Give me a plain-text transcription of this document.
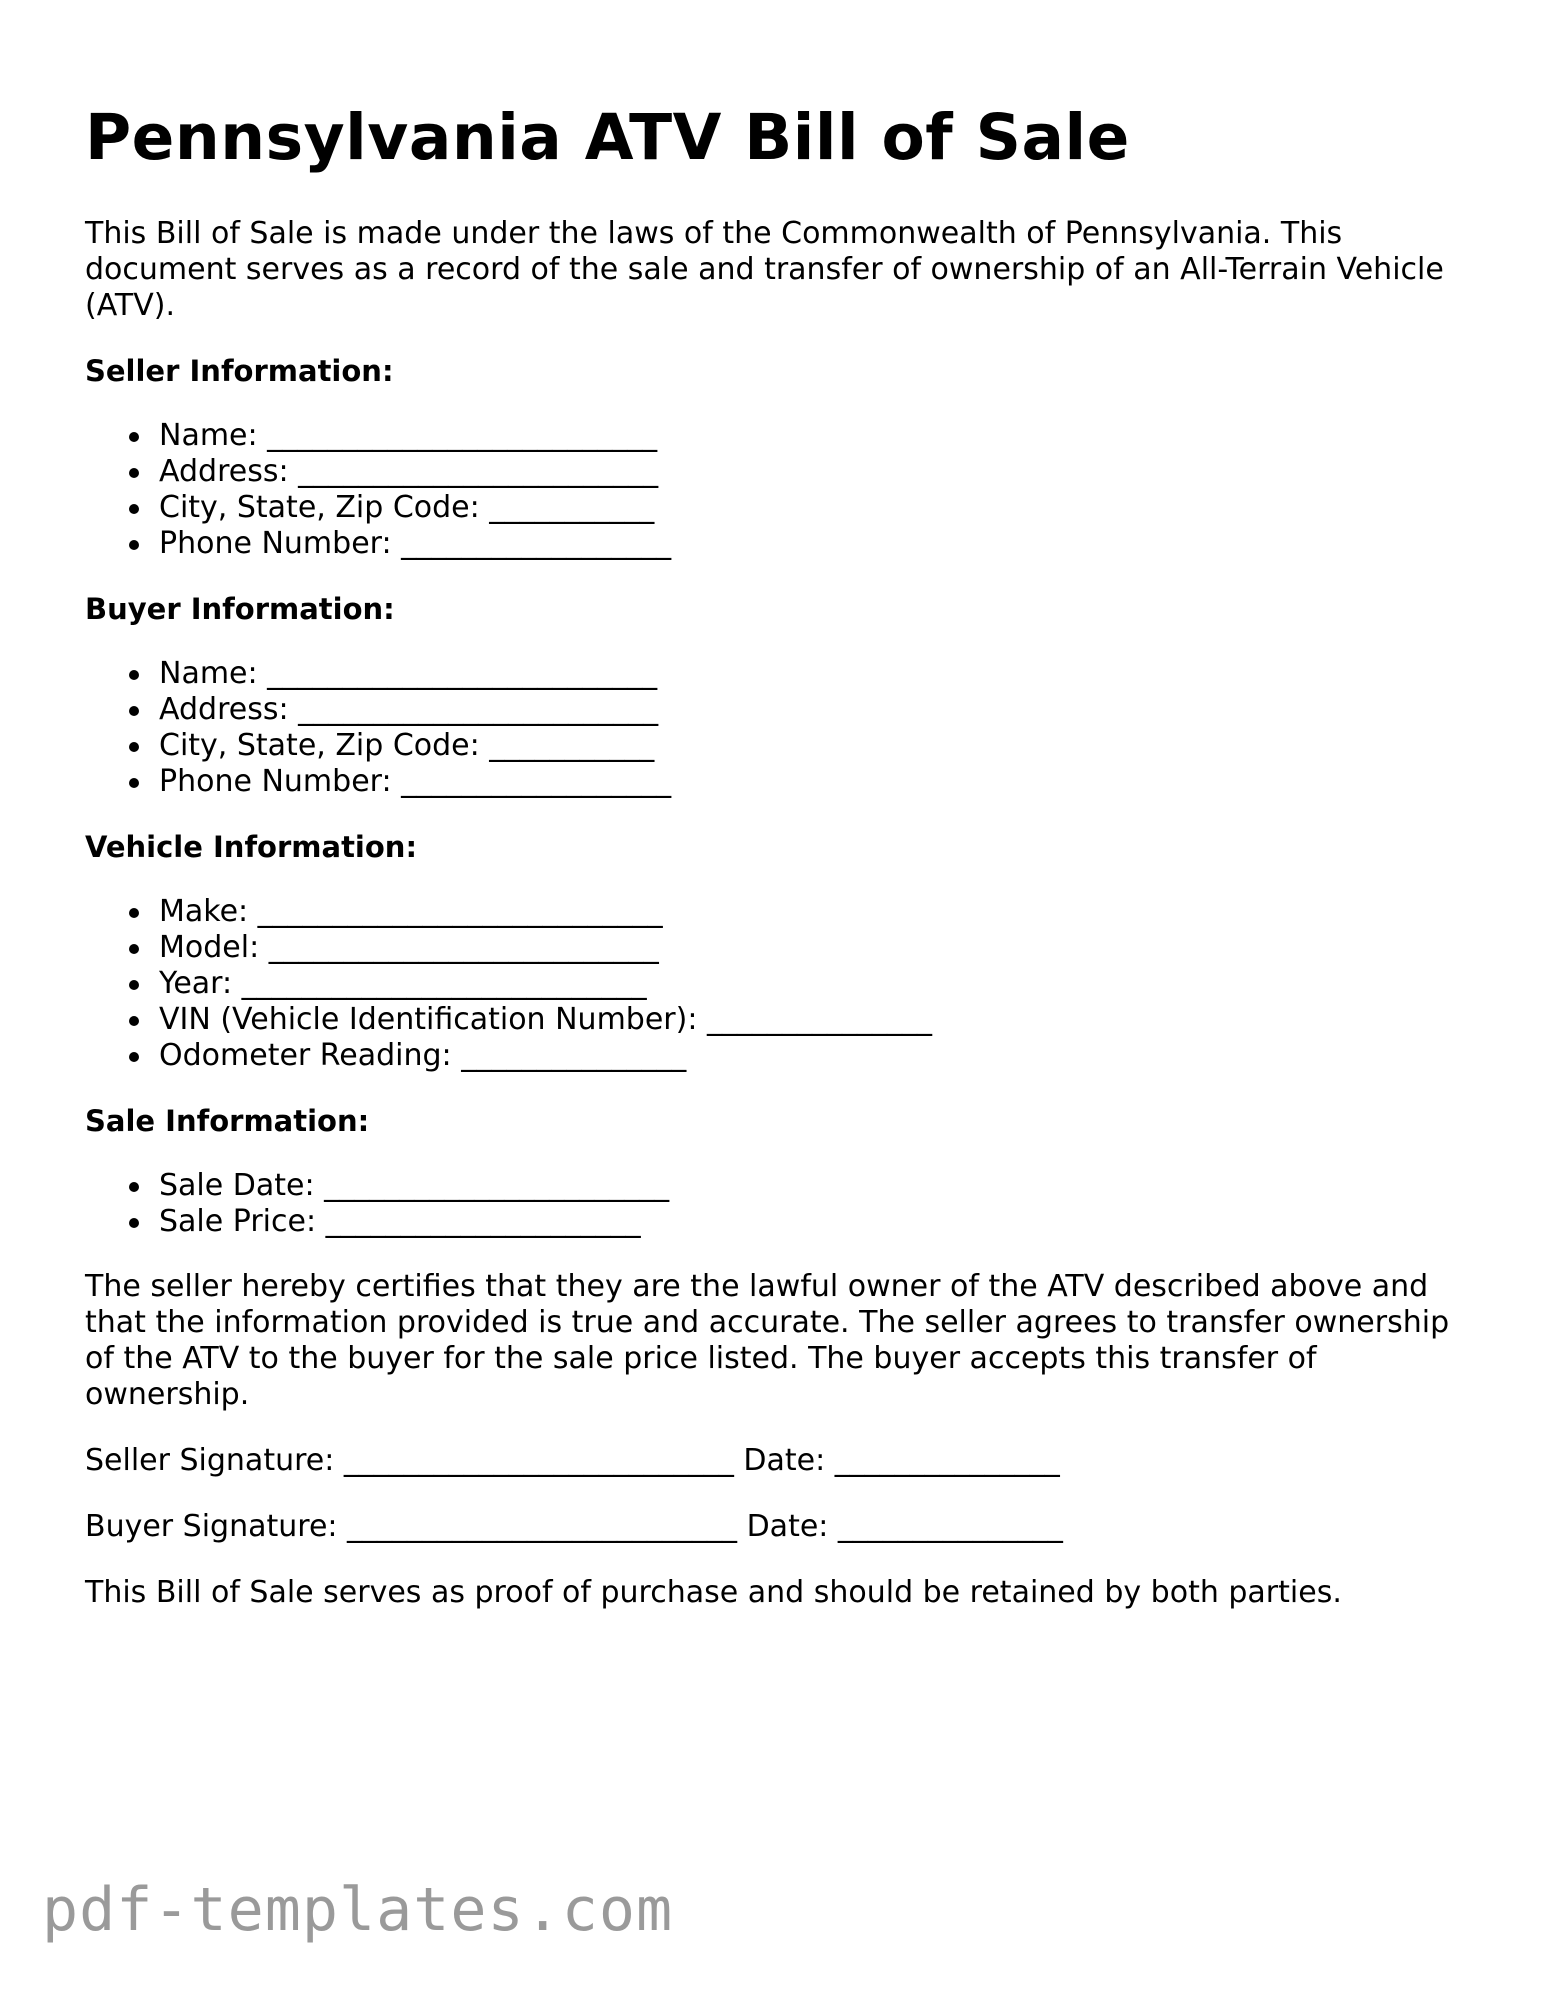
Pennsylvania ATV Bill of Sale

This Bill of Sale is made under the laws of the Commonwealth of Pennsylvania. This document serves as a record of the sale and transfer of ownership of an All-Terrain Vehicle (ATV).

Seller Information:
Name: __________________________
Address: ________________________
City, State, Zip Code: ___________
Phone Number: __________________
Buyer Information:
Name: __________________________
Address: ________________________
City, State, Zip Code: ___________
Phone Number: __________________
Vehicle Information:
Make: ___________________________
Model: __________________________
Year: ___________________________
VIN (Vehicle Identification Number): _______________
Odometer Reading: _______________
Sale Information:
Sale Date: _______________________
Sale Price: _____________________

The seller hereby certifies that they are the lawful owner of the ATV described above and that the information provided is true and accurate. The seller agrees to transfer ownership of the ATV to the buyer for the sale price listed. The buyer accepts this transfer of ownership.

Seller Signature: __________________________ Date: _______________

Buyer Signature: __________________________ Date: _______________

This Bill of Sale serves as proof of purchase and should be retained by both parties.

pdf-templates.com
